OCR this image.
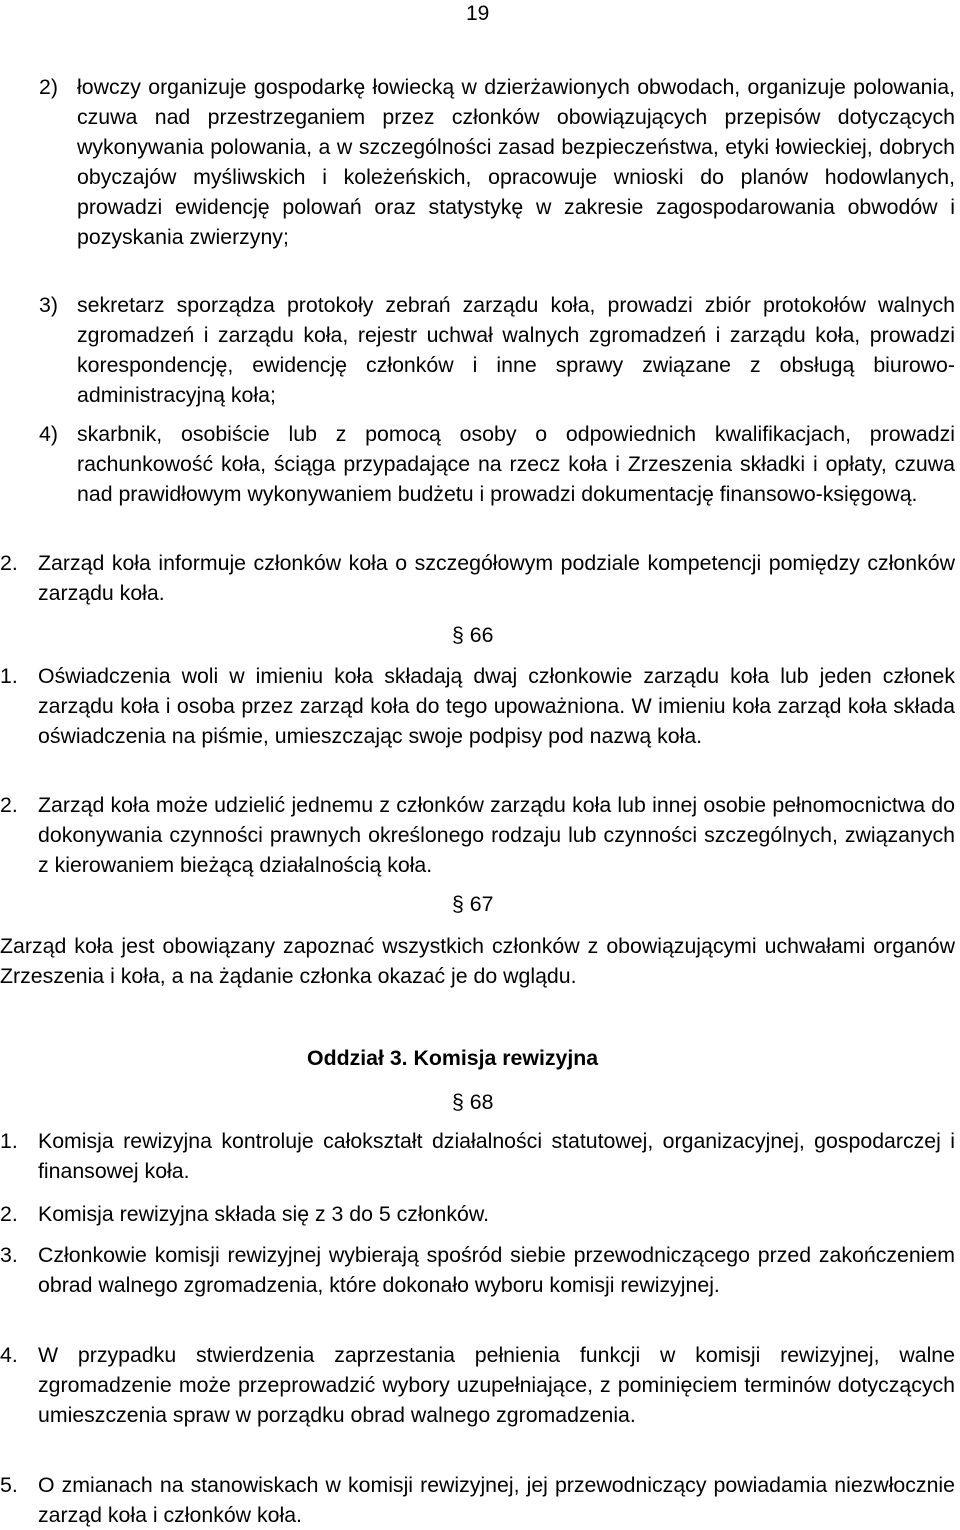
19
2) łowczy organizuje gospodarkę łowiecką w dzierżawionych obwodach, organizuje polowania, czuwa nad przestrzeganiem przez członków obowiązujących przepisów dotyczących wykonywania polowania, a w szczególności zasad bezpieczeństwa, etyki łowieckiej, dobrych obyczajów myśliwskich i koleżeńskich, opracowuje wnioski do planów hodowlanych, prowadzi ewidencję polowań oraz statystykę w zakresie zagospodarowania obwodów i pozyskania zwierzyny;
3) sekretarz sporządza protokoły zebrań zarządu koła, prowadzi zbiór protokołów walnych zgromadzeń i zarządu koła, rejestr uchwał walnych zgromadzeń i zarządu koła, prowadzi korespondencję, ewidencję członków i inne sprawy związane z obsługą biurowo-administracyjną koła;
4) skarbnik, osobiście lub z pomocą osoby o odpowiednich kwalifikacjach, prowadzi rachunkowość koła, ściąga przypadające na rzecz koła i Zrzeszenia składki i opłaty, czuwa nad prawidłowym wykonywaniem budżetu i prowadzi dokumentację finansowo-księgową.
2. Zarząd koła informuje członków koła o szczegółowym podziale kompetencji pomiędzy członków zarządu koła.
§ 66
1. Oświadczenia woli w imieniu koła składają dwaj członkowie zarządu koła lub jeden członek zarządu koła i osoba przez zarząd koła do tego upoważniona. W imieniu koła zarząd koła składa oświadczenia na piśmie, umieszczając swoje podpisy pod nazwą koła.
2. Zarząd koła może udzielić jednemu z członków zarządu koła lub innej osobie pełnomocnictwa do dokonywania czynności prawnych określonego rodzaju lub czynności szczególnych, związanych z kierowaniem bieżącą działalnością koła.
§ 67
Zarząd koła jest obowiązany zapoznać wszystkich członków z obowiązującymi uchwałami organów Zrzeszenia i koła, a na żądanie członka okazać je do wglądu.
Oddział 3. Komisja rewizyjna
§ 68
1. Komisja rewizyjna kontroluje całokształt działalności statutowej, organizacyjnej, gospodarczej i finansowej koła.
2. Komisja rewizyjna składa się z 3 do 5 członków.
3. Członkowie komisji rewizyjnej wybierają spośród siebie przewodniczącego przed zakończeniem obrad walnego zgromadzenia, które dokonało wyboru komisji rewizyjnej.
4. W przypadku stwierdzenia zaprzestania pełnienia funkcji w komisji rewizyjnej, walne zgromadzenie może przeprowadzić wybory uzupełniające, z pominięciem terminów dotyczących umieszczenia spraw w porządku obrad walnego zgromadzenia.
5. O zmianach na stanowiskach w komisji rewizyjnej, jej przewodniczący powiadamia niezwłocznie zarząd koła i członków koła.
